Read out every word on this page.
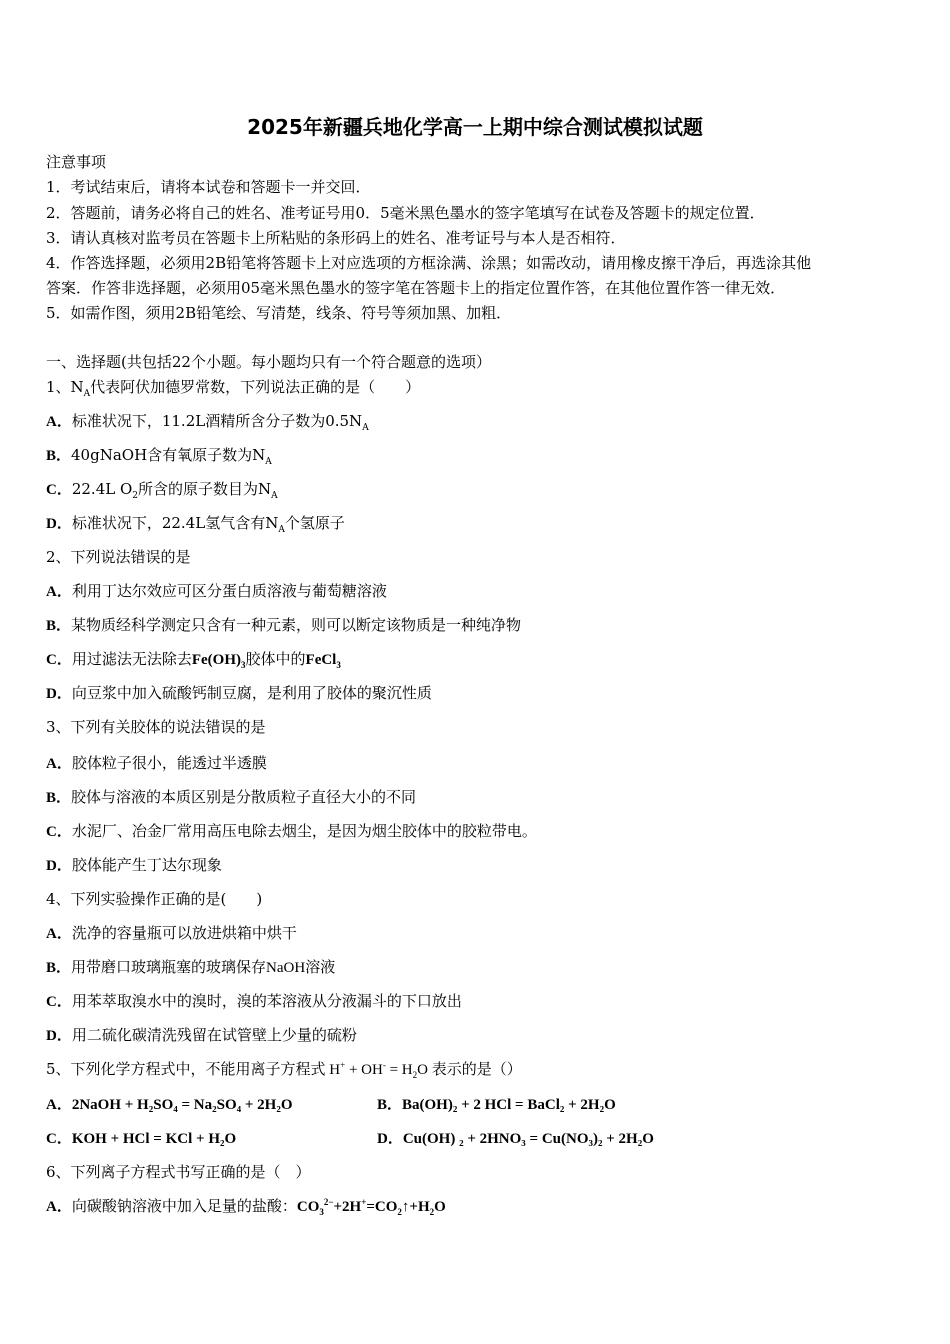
2025年新疆兵地化学高一上期中综合测试模拟试题
注意事项
1．考试结束后，请将本试卷和答题卡一并交回．
2．答题前，请务必将自己的姓名、准考证号用0．5毫米黑色墨水的签字笔填写在试卷及答题卡的规定位置．
3．请认真核对监考员在答题卡上所粘贴的条形码上的姓名、准考证号与本人是否相符．
4．作答选择题，必须用2B铅笔将答题卡上对应选项的方框涂满、涂黑；如需改动，请用橡皮擦干净后，再选涂其他
答案．作答非选择题，必须用05毫米黑色墨水的签字笔在答题卡上的指定位置作答，在其他位置作答一律无效．
5．如需作图，须用2B铅笔绘、写清楚，线条、符号等须加黑、加粗．
一、选择题(共包括22个小题。每小题均只有一个符合题意的选项）
1、$N_A$代表阿伏加德罗常数，下列说法正确的是（　　）
A．标准状况下，11.2L酒精所含分子数为$0.5N_A$
B．40gNaOH含有氧原子数为$N_A$
C．22.4L $O_2$所含的原子数目为$N_A$
D．标准状况下，22.4L氢气含有$N_A$个氢原子
2、下列说法错误的是
A．利用丁达尔效应可区分蛋白质溶液与葡萄糖溶液
B．某物质经科学测定只含有一种元素，则可以断定该物质是一种纯净物
C．用过滤法无法除去$Fe(OH)_3$胶体中的FeCl$_3$
D．向豆浆中加入硫酸钙制豆腐，是利用了胶体的聚沉性质
3、下列有关胶体的说法错误的是
A．胶体粒子很小，能透过半透膜
B．胶体与溶液的本质区别是分散质粒子直径大小的不同
C．水泥厂、冶金厂常用高压电除去烟尘，是因为烟尘胶体中的胶粒带电。
D．胶体能产生丁达尔现象
4、下列实验操作正确的是(　　)
A．洗净的容量瓶可以放进烘箱中烘干
B．用带磨口玻璃瓶塞的玻璃保存NaOH溶液
C．用苯萃取溴水中的溴时，溴的苯溶液从分液漏斗的下口放出
D．用二硫化碳清洗残留在试管壁上少量的硫粉
5、下列化学方程式中，不能用离子方程式 $H^+ + OH^- = H_2O$ 表示的是（）
A．2NaOH + H₂SO₄ = Na₂SO₄ + 2H₂O	B．Ba(OH)₂ + 2 HCl = BaCl₂ + 2H₂O
C．KOH + HCl = KCl + H₂O	D．Cu(OH) ₂ + 2HNO₃ = Cu(NO₃)₂ + 2H₂O
6、下列离子方程式书写正确的是（　）
A．向碳酸钠溶液中加入足量的盐酸：$CO_3^{2-}+2H^+=CO_2↑+H_2O$
